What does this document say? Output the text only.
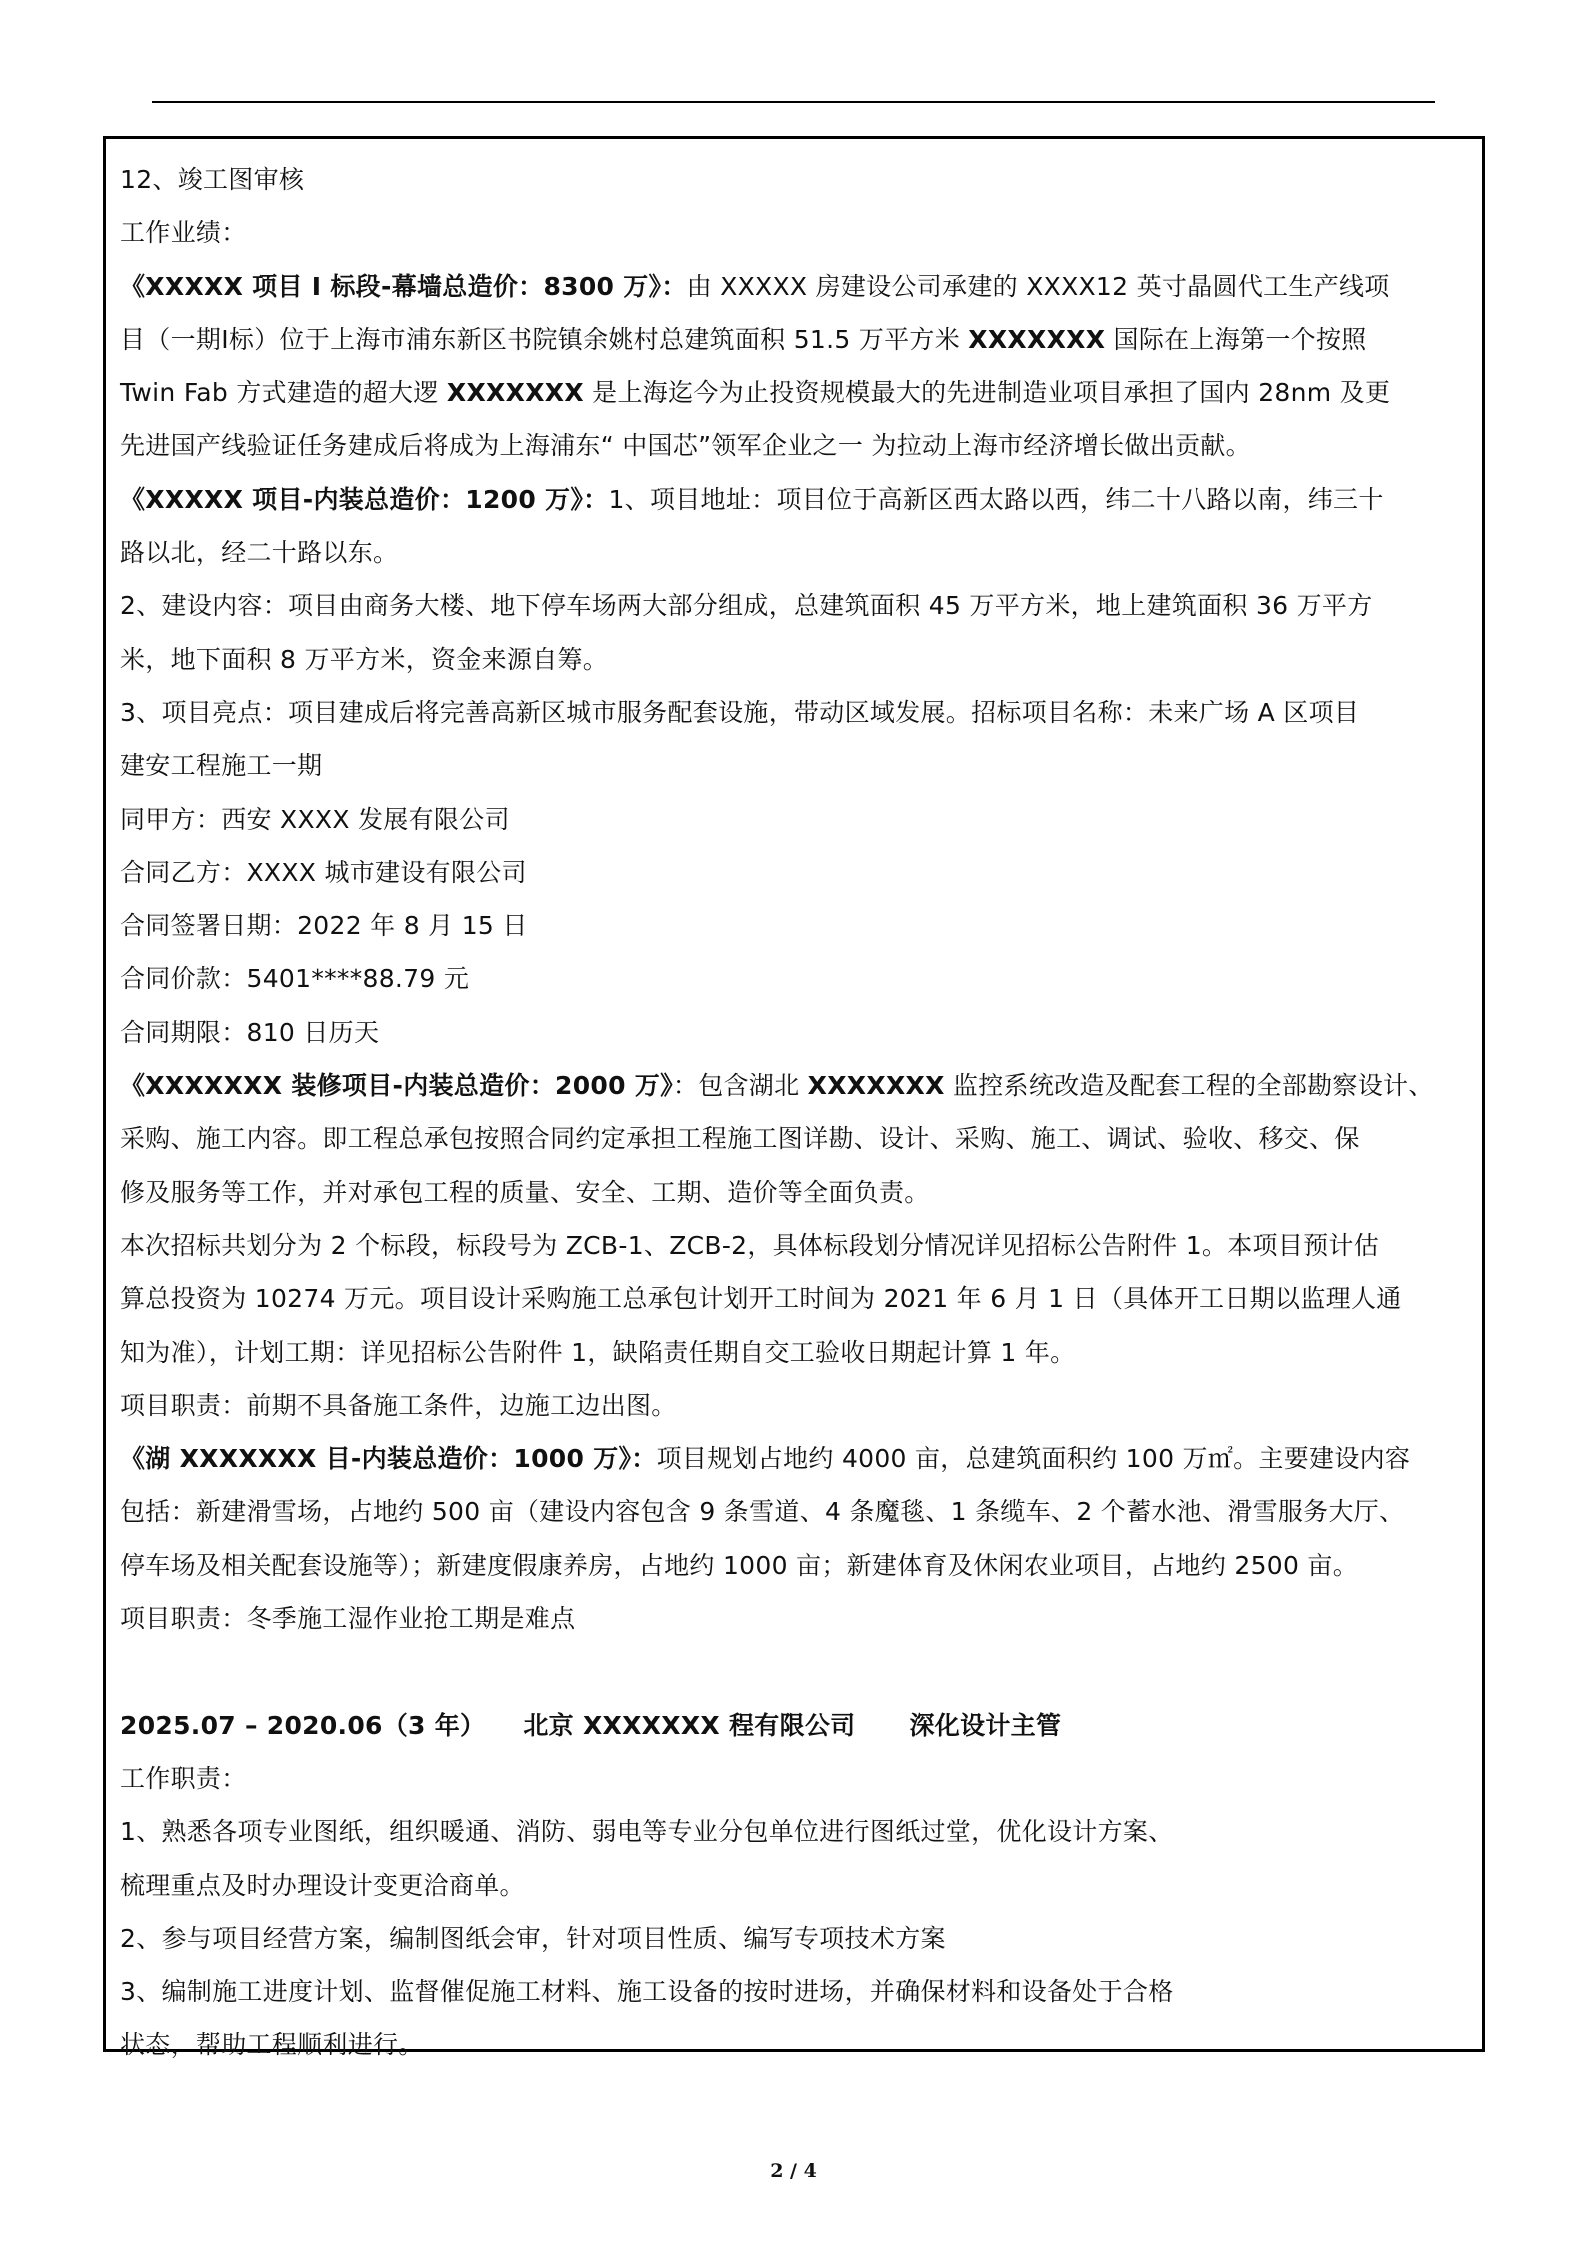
12、竣工图审核
工作业绩：
《XXXXX 项目 I 标段-幕墙总造价：8300 万》：由 XXXXX 房建设公司承建的 XXXX12 英寸晶圆代工生产线项
目（一期I标）位于上海市浦东新区书院镇余姚村总建筑面积 51.5 万平方米 XXXXXXX 国际在上海第一个按照
Twin Fab 方式建造的超大逻 XXXXXXX 是上海迄今为止投资规模最大的先进制造业项目承担了国内 28nm 及更
先进国产线验证任务建成后将成为上海浦东“ 中国芯”领军企业之一 为拉动上海市经济增长做出贡献。
《XXXXX 项目-内装总造价：1200 万》：1、项目地址：项目位于高新区西太路以西，纬二十八路以南，纬三十
路以北，经二十路以东。
2、建设内容：项目由商务大楼、地下停车场两大部分组成，总建筑面积 45 万平方米，地上建筑面积 36 万平方
米，地下面积 8 万平方米，资金来源自筹。
3、项目亮点：项目建成后将完善高新区城市服务配套设施，带动区域发展。招标项目名称：未来广场 A 区项目
建安工程施工一期
同甲方：西安 XXXX 发展有限公司
合同乙方：XXXX 城市建设有限公司
合同签署日期：2022 年 8 月 15 日
合同价款：5401****88.79 元
合同期限：810 日历天
《XXXXXXX 装修项目-内装总造价：2000 万》：包含湖北 XXXXXXX 监控系统改造及配套工程的全部勘察设计、
采购、施工内容。即工程总承包按照合同约定承担工程施工图详勘、设计、采购、施工、调试、验收、移交、保
修及服务等工作，并对承包工程的质量、安全、工期、造价等全面负责。
本次招标共划分为 2 个标段，标段号为 ZCB-1、ZCB-2，具体标段划分情况详见招标公告附件 1。本项目预计估
算总投资为 10274 万元。项目设计采购施工总承包计划开工时间为 2021 年 6 月 1 日（具体开工日期以监理人通
知为准），计划工期：详见招标公告附件 1，缺陷责任期自交工验收日期起计算 1 年。
项目职责：前期不具备施工条件，边施工边出图。
《湖 XXXXXXX 目-内装总造价：1000 万》：项目规划占地约 4000 亩，总建筑面积约 100 万㎡。主要建设内容
包括：新建滑雪场，占地约 500 亩（建设内容包含 9 条雪道、4 条魔毯、1 条缆车、2 个蓄水池、滑雪服务大厅、
停车场及相关配套设施等）；新建度假康养房，占地约 1000 亩；新建体育及休闲农业项目，占地约 2500 亩。
项目职责：冬季施工湿作业抢工期是难点
2025.07 – 2020.06（3 年） 北京 XXXXXXX 程有限公司 深化设计主管
工作职责：
1、熟悉各项专业图纸，组织暖通、消防、弱电等专业分包单位进行图纸过堂，优化设计方案、
梳理重点及时办理设计变更洽商单。
2、参与项目经营方案，编制图纸会审，针对项目性质、编写专项技术方案
3、编制施工进度计划、监督催促施工材料、施工设备的按时进场，并确保材料和设备处于合格
状态，帮助工程顺利进行。
2 / 4
